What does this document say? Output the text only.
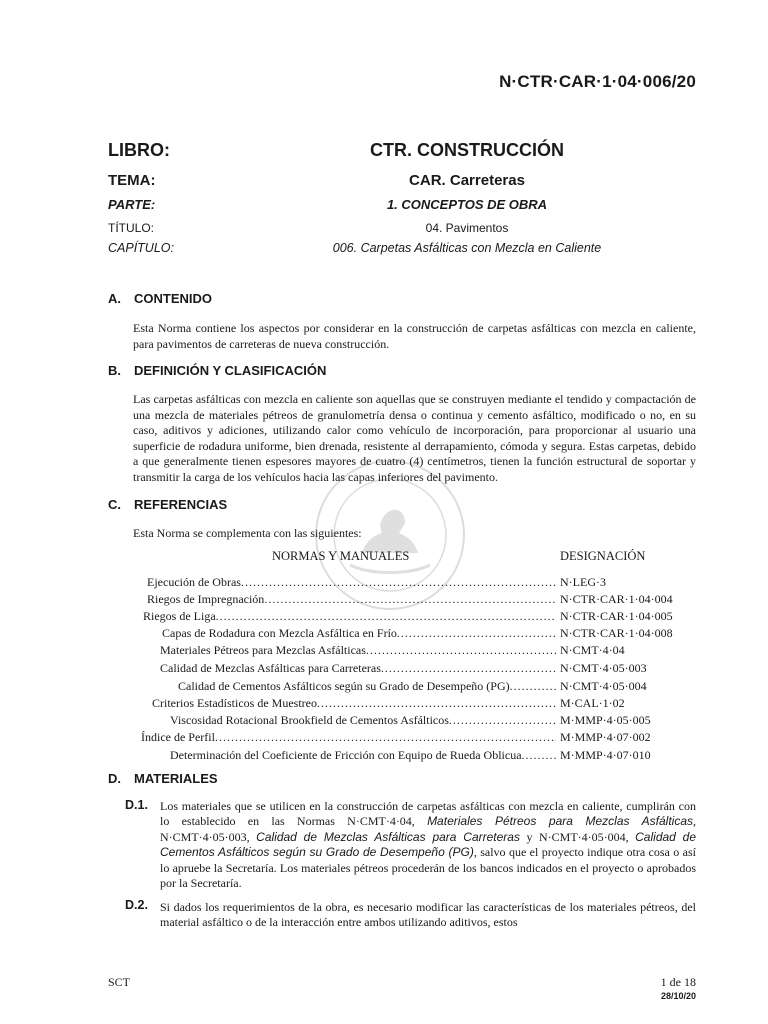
N·CTR·CAR·1·04·006/20
LIBRO:	CTR. CONSTRUCCIÓN
TEMA:	CAR. Carreteras
PARTE:	1. CONCEPTOS DE OBRA
TÍTULO:	04. Pavimentos
CAPÍTULO:	006. Carpetas Asfálticas con Mezcla en Caliente
A. CONTENIDO
Esta Norma contiene los aspectos por considerar en la construcción de carpetas asfálticas con mezcla en caliente, para pavimentos de carreteras de nueva construcción.
B. DEFINICIÓN Y CLASIFICACIÓN
Las carpetas asfálticas con mezcla en caliente son aquellas que se construyen mediante el tendido y compactación de una mezcla de materiales pétreos de granulometría densa o continua y cemento asfáltico, modificado o no, en su caso, aditivos y adiciones, utilizando calor como vehículo de incorporación, para proporcionar al usuario una superficie de rodadura uniforme, bien drenada, resistente al derrapamiento, cómoda y segura. Estas carpetas, debido a que generalmente tienen espesores mayores de cuatro (4) centímetros, tienen la función estructural de soportar y transmitir la carga de los vehículos hacia las capas inferiores del pavimento.
C. REFERENCIAS
Esta Norma se complementa con las siguientes:
NORMAS Y MANUALES	DESIGNACIÓN
Ejecución de Obras .....	N·LEG·3
Riegos de Impregnación .....	N·CTR·CAR·1·04·004
Riegos de Liga .....	N·CTR·CAR·1·04·005
Capas de Rodadura con Mezcla Asfáltica en Frío .....	N·CTR·CAR·1·04·008
Materiales Pétreos para Mezclas Asfálticas .....	N·CMT·4·04
Calidad de Mezclas Asfálticas para Carreteras .....	N·CMT·4·05·003
Calidad de Cementos Asfálticos según su Grado de Desempeño (PG) .....	N·CMT·4·05·004
Criterios Estadísticos de Muestreo .....	M·CAL·1·02
Viscosidad Rotacional Brookfield de Cementos Asfálticos .....	M·MMP·4·05·005
Índice de Perfil .....	M·MMP·4·07·002
Determinación del Coeficiente de Fricción con Equipo de Rueda Oblicua .....	M·MMP·4·07·010
D. MATERIALES
D.1. Los materiales que se utilicen en la construcción de carpetas asfálticas con mezcla en caliente, cumplirán con lo establecido en las Normas N·CMT·4·04, Materiales Pétreos para Mezclas Asfálticas, N·CMT·4·05·003, Calidad de Mezclas Asfálticas para Carreteras y N·CMT·4·05·004, Calidad de Cementos Asfálticos según su Grado de Desempeño (PG), salvo que el proyecto indique otra cosa o así lo apruebe la Secretaría. Los materiales pétreos procederán de los bancos indicados en el proyecto o aprobados por la Secretaría.
D.2. Si dados los requerimientos de la obra, es necesario modificar las características de los materiales pétreos, del material asfáltico o de la interacción entre ambos utilizando aditivos, estos
SCT	1 de 18
28/10/20
